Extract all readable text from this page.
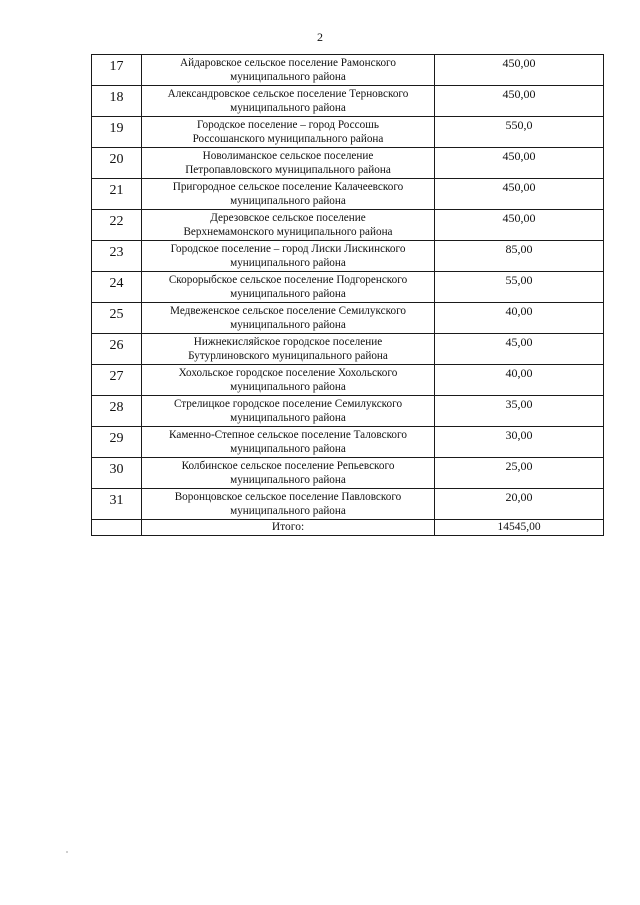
2
17	Айдаровское сельское поселение Рамонского
муниципального района	450,00
18	Александровское сельское поселение Терновского
муниципального района	450,00
19	Городское поселение – город Россошь
Россошанского муниципального района	550,0
20	Новолиманское сельское поселение
Петропавловского муниципального района	450,00
21	Пригородное сельское поселение Калачеевского
муниципального района	450,00
22	Дерезовское сельское поселение
Верхнемамонского муниципального района	450,00
23	Городское поселение – город Лиски Лискинского
муниципального района	85,00
24	Скорорыбское сельское поселение Подгоренского
муниципального района	55,00
25	Медвеженское сельское поселение Семилукского
муниципального района	40,00
26	Нижнекисляйское городское поселение
Бутурлиновского муниципального района	45,00
27	Хохольское городское поселение Хохольского
муниципального района	40,00
28	Стрелицкое городское поселение Семилукского
муниципального района	35,00
29	Каменно-Степное сельское поселение Таловского
муниципального района	30,00
30	Колбинское сельское поселение Репьевского
муниципального района	25,00
31	Воронцовское сельское поселение Павловского
муниципального района	20,00
	Итого:	14545,00
